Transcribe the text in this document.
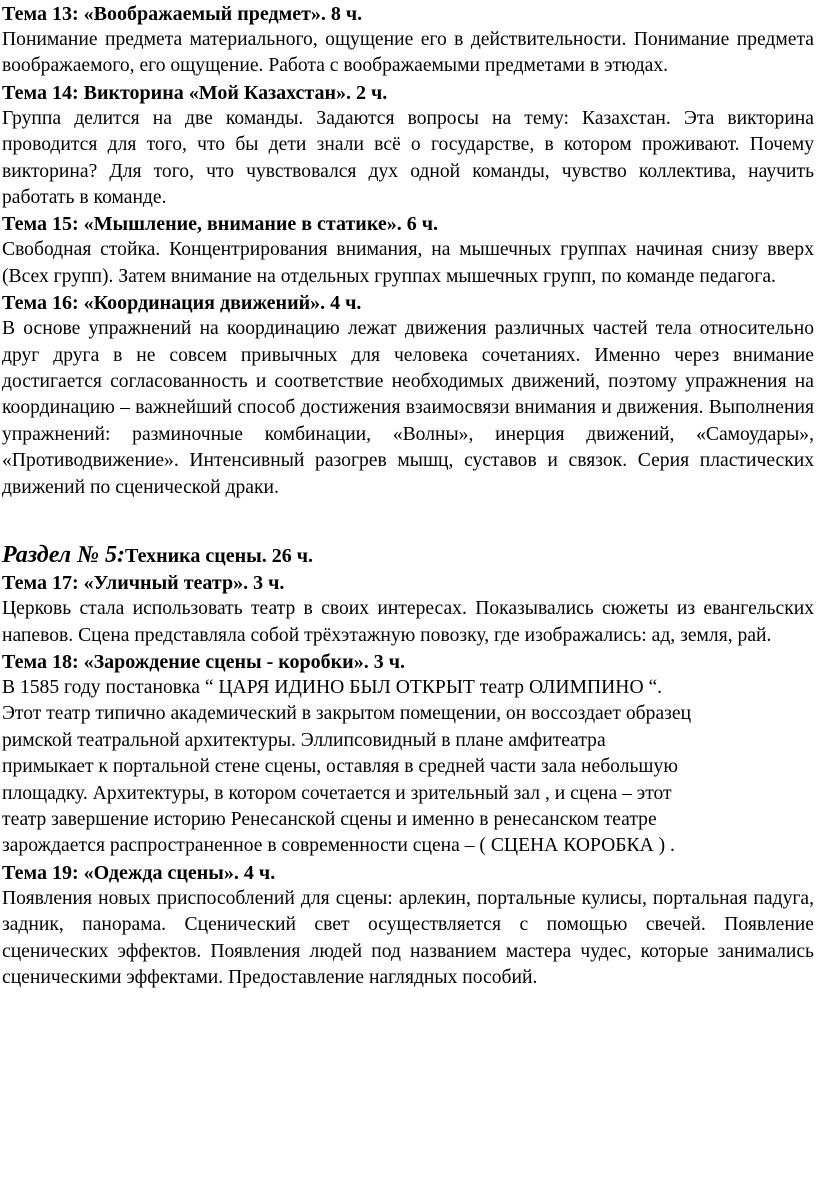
Тема 13: «Воображаемый предмет». 8 ч.

Понимание предмета материального, ощущение его в действительности. Понимание предмета воображаемого, его ощущение. Работа с воображаемыми предметами в этюдах.

Тема 14: Викторина «Мой Казахстан». 2 ч.

Группа делится на две команды. Задаются вопросы на тему: Казахстан. Эта викторина проводится для того, что бы дети знали всё о государстве, в котором проживают. Почему викторина? Для того, что чувствовался дух одной команды, чувство коллектива, научить работать в команде.

Тема 15: «Мышление, внимание в статике». 6 ч.

Свободная стойка. Концентрирования внимания, на мышечных группах начиная снизу вверх (Всех групп). Затем внимание на отдельных группах мышечных групп, по команде педагога.

Тема 16: «Координация движений». 4 ч.

В основе упражнений на координацию лежат движения различных частей тела относительно друг друга в не совсем привычных для человека сочетаниях. Именно через внимание достигается согласованность и соответствие необходимых движений, поэтому упражнения на координацию – важнейший способ достижения взаимосвязи внимания и движения. Выполнения упражнений: разминочные комбинации, «Волны», инерция движений, «Самоудары», «Противодвижение». Интенсивный разогрев мышц, суставов и связок. Серия пластических движений по сценической драки.

Раздел № 5:Техника сцены. 26 ч.

Тема 17: «Уличный театр». 3 ч.

Церковь стала использовать театр в своих интересах. Показывались сюжеты из евангельских напевов. Сцена представляла собой трёхэтажную повозку, где изображались: ад, земля, рай.

Тема 18: «Зарождение сцены - коробки». 3 ч.

В 1585 году постановка “ ЦАРЯ ИДИНО БЫЛ ОТКРЫТ театр ОЛИМПИНО “.

Этот театр типично академический в закрытом помещении, он воссоздает образец

римской театральной архитектуры. Эллипсовидный в плане амфитеатра

примыкает к портальной стене сцены, оставляя в средней части зала небольшую

площадку. Архитектуры, в котором сочетается и зрительный зал , и сцена – этот

театр завершение историю Ренесанской сцены и именно в ренесанском театре

зарождается распространенное в современности сцена – ( СЦЕНА КОРОБКА ) .

Тема 19: «Одежда сцены». 4 ч.

Появления новых приспособлений для сцены: арлекин, портальные кулисы, портальная падуга, задник, панорама. Сценический свет осуществляется с помощью свечей. Появление сценических эффектов. Появления людей под названием мастера чудес, которые занимались сценическими эффектами. Предоставление наглядных пособий.
